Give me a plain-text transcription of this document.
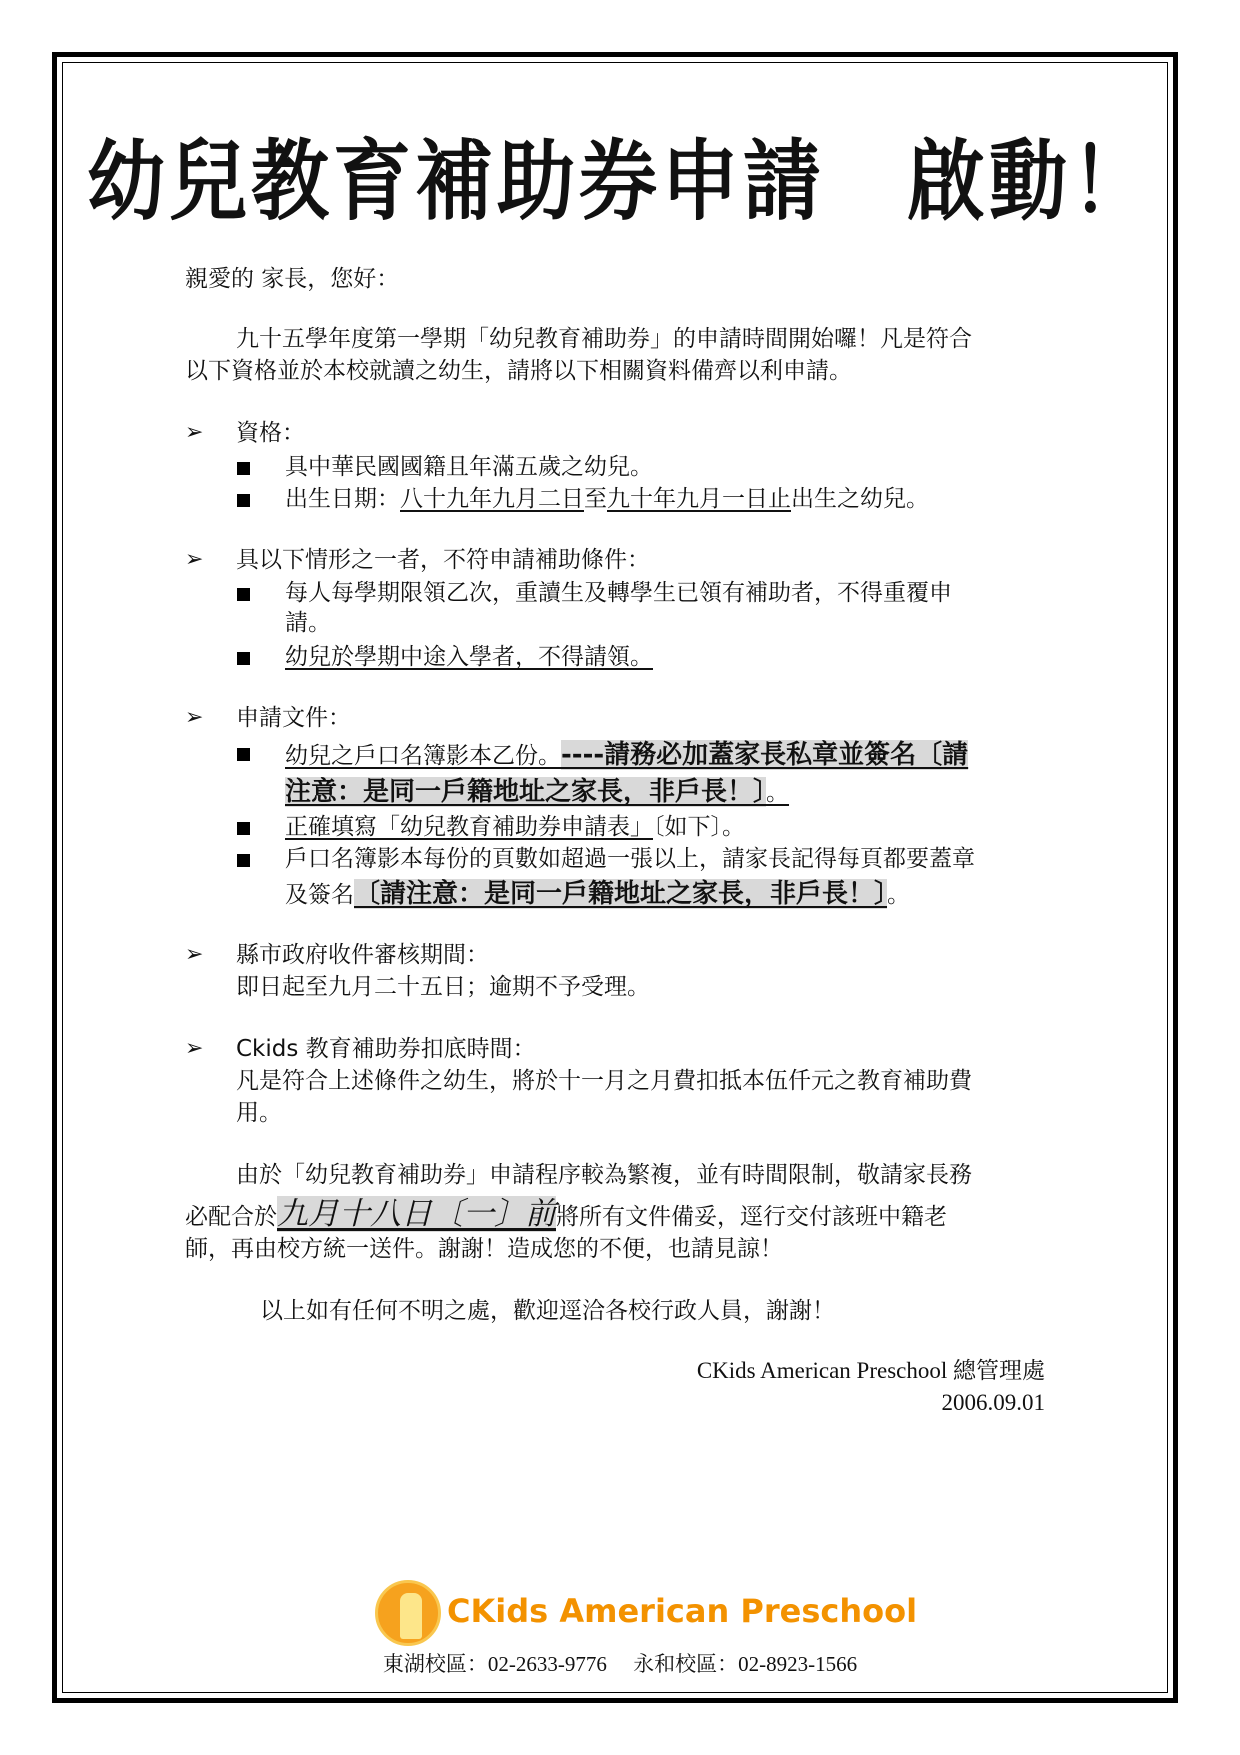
幼兒教育補助券申請　啟動！
親愛的 家長，您好：
九十五學年度第一學期「幼兒教育補助券」的申請時間開始囉！凡是符合
以下資格並於本校就讀之幼生，請將以下相關資料備齊以利申請。
➢ 資格：
具中華民國國籍且年滿五歲之幼兒。
出生日期：八十九年九月二日至九十年九月一日止出生之幼兒。
➢ 具以下情形之一者，不符申請補助條件：
每人每學期限領乙次，重讀生及轉學生已領有補助者，不得重覆申
請。
幼兒於學期中途入學者，不得請領。
➢ 申請文件：
幼兒之戶口名簿影本乙份。----請務必加蓋家長私章並簽名〔請
注意：是同一戶籍地址之家長，非戶長！〕。
正確填寫「幼兒教育補助券申請表」〔如下〕。
戶口名簿影本每份的頁數如超過一張以上，請家長記得每頁都要蓋章
及簽名〔請注意：是同一戶籍地址之家長，非戶長！〕。
➢ 縣市政府收件審核期間：
即日起至九月二十五日；逾期不予受理。
➢ Ckids 教育補助券扣底時間：
凡是符合上述條件之幼生，將於十一月之月費扣抵本伍仟元之教育補助費
用。
由於「幼兒教育補助券」申請程序較為繁複，並有時間限制，敬請家長務
必配合於九月十八日〔一〕前將所有文件備妥，逕行交付該班中籍老
師，再由校方統一送件。謝謝！造成您的不便，也請見諒！
以上如有任何不明之處，歡迎逕洽各校行政人員，謝謝！
CKids American Preschool 總管理處
2006.09.01
CKids American Preschool
東湖校區：02-2633-9776　 永和校區：02-8923-1566
